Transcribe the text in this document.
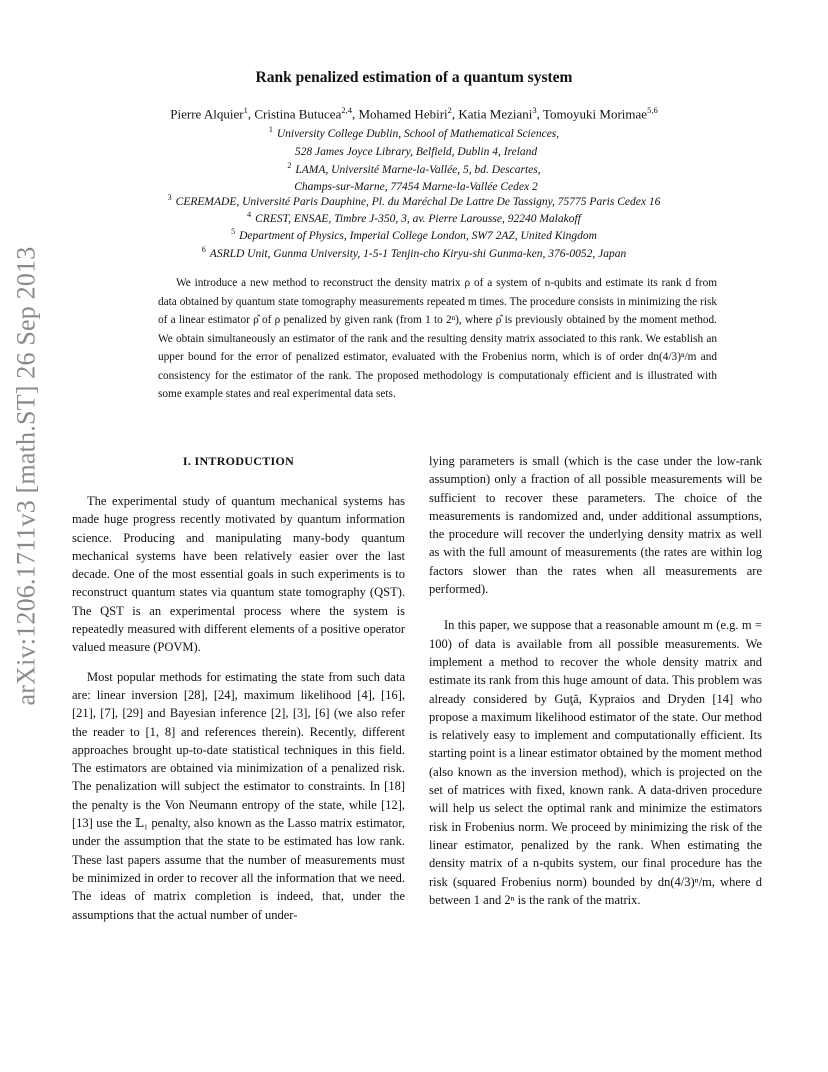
arXiv:1206.1711v3 [math.ST] 26 Sep 2013
Rank penalized estimation of a quantum system
Pierre Alquier$^1$, Cristina Butucea$^{2,4}$, Mohamed Hebiri$^2$, Katia Meziani$^3$, Tomoyuki Morimae$^{5,6}$
$^1$ University College Dublin, School of Mathematical Sciences,
528 James Joyce Library, Belfield, Dublin 4, Ireland
$^2$ LAMA, Université Marne-la-Vallée, 5, bd. Descartes,
Champs-sur-Marne, 77454 Marne-la-Vallée Cedex 2
$^3$ CEREMADE, Université Paris Dauphine, Pl. du Maréchal De Lattre De Tassigny, 75775 Paris Cedex 16
$^4$ CREST, ENSAE, Timbre J-350, 3, av. Pierre Larousse, 92240 Malakoff
$^5$ Department of Physics, Imperial College London, SW7 2AZ, United Kingdom
$^6$ ASRLD Unit, Gunma University, 1-5-1 Tenjin-cho Kiryu-shi Gunma-ken, 376-0052, Japan
We introduce a new method to reconstruct the density matrix ρ of a system of n-qubits and estimate its rank d from data obtained by quantum state tomography measurements repeated m times. The procedure consists in minimizing the risk of a linear estimator ρ̂ of ρ penalized by given rank (from 1 to 2ⁿ), where ρ̂ is previously obtained by the moment method. We obtain simultaneously an estimator of the rank and the resulting density matrix associated to this rank. We establish an upper bound for the error of penalized estimator, evaluated with the Frobenius norm, which is of order dn(4/3)ⁿ/m and consistency for the estimator of the rank. The proposed methodology is computationaly efficient and is illustrated with some example states and real experimental data sets.
I. INTRODUCTION

The experimental study of quantum mechanical systems has made huge progress recently motivated by quantum information science. Producing and manipulating many-body quantum mechanical systems have been relatively easier over the last decade. One of the most essential goals in such experiments is to reconstruct quantum states via quantum state tomography (QST). The QST is an experimental process where the system is repeatedly measured with different elements of a positive operator valued measure (POVM).

Most popular methods for estimating the state from such data are: linear inversion [28], [24], maximum likelihood [4], [16], [21], [7], [29] and Bayesian inference [2], [3], [6] (we also refer the reader to [1, 8] and references therein). Recently, different approaches brought up-to-date statistical techniques in this field. The estimators are obtained via minimization of a penalized risk. The penalization will subject the estimator to constraints. In [18] the penalty is the Von Neumann entropy of the state, while [12], [13] use the 𝕃₁ penalty, also known as the Lasso matrix estimator, under the assumption that the state to be estimated has low rank. These last papers assume that the number of measurements must be minimized in order to recover all the information that we need. The ideas of matrix completion is indeed, that, under the assumptions that the actual number of under-

lying parameters is small (which is the case under the low-rank assumption) only a fraction of all possible measurements will be sufficient to recover these parameters. The choice of the measurements is randomized and, under additional assumptions, the procedure will recover the underlying density matrix as well as with the full amount of measurements (the rates are within log factors slower than the rates when all measurements are performed).

In this paper, we suppose that a reasonable amount m (e.g. m = 100) of data is available from all possible measurements. We implement a method to recover the whole density matrix and estimate its rank from this huge amount of data. This problem was already considered by Guţă, Kypraios and Dryden [14] who propose a maximum likelihood estimator of the state. Our method is relatively easy to implement and computationally efficient. Its starting point is a linear estimator obtained by the moment method (also known as the inversion method), which is projected on the set of matrices with fixed, known rank. A data-driven procedure will help us select the optimal rank and minimize the estimators risk in Frobenius norm. We proceed by minimizing the risk of the linear estimator, penalized by the rank. When estimating the density matrix of a n-qubits system, our final procedure has the risk (squared Frobenius norm) bounded by dn(4/3)ⁿ/m, where d between 1 and 2ⁿ is the rank of the matrix.
